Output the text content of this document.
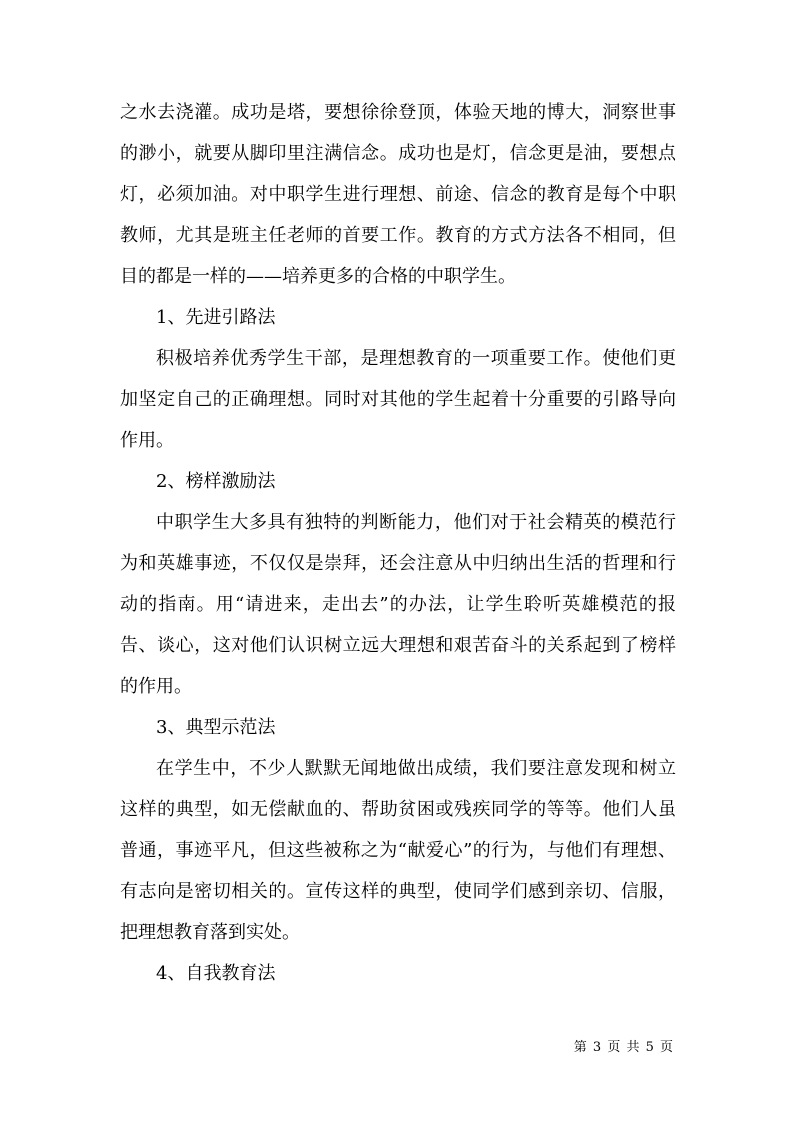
之水去浇灌。成功是塔，要想徐徐登顶，体验天地的博大，洞察世事的渺小，就要从脚印里注满信念。成功也是灯，信念更是油，要想点灯，必须加油。对中职学生进行理想、前途、信念的教育是每个中职教师，尤其是班主任老师的首要工作。教育的方式方法各不相同，但目的都是一样的——培养更多的合格的中职学生。

1、先进引路法

积极培养优秀学生干部，是理想教育的一项重要工作。使他们更加坚定自己的正确理想。同时对其他的学生起着十分重要的引路导向作用。

2、榜样激励法

中职学生大多具有独特的判断能力，他们对于社会精英的模范行为和英雄事迹，不仅仅是崇拜，还会注意从中归纳出生活的哲理和行动的指南。用“请进来，走出去”的办法，让学生聆听英雄模范的报告、谈心，这对他们认识树立远大理想和艰苦奋斗的关系起到了榜样的作用。

3、典型示范法

在学生中，不少人默默无闻地做出成绩，我们要注意发现和树立这样的典型，如无偿献血的、帮助贫困或残疾同学的等等。他们人虽普通，事迹平凡，但这些被称之为“献爱心”的行为，与他们有理想、有志向是密切相关的。宣传这样的典型，使同学们感到亲切、信服，把理想教育落到实处。

4、自我教育法

第 3 页 共 5 页
